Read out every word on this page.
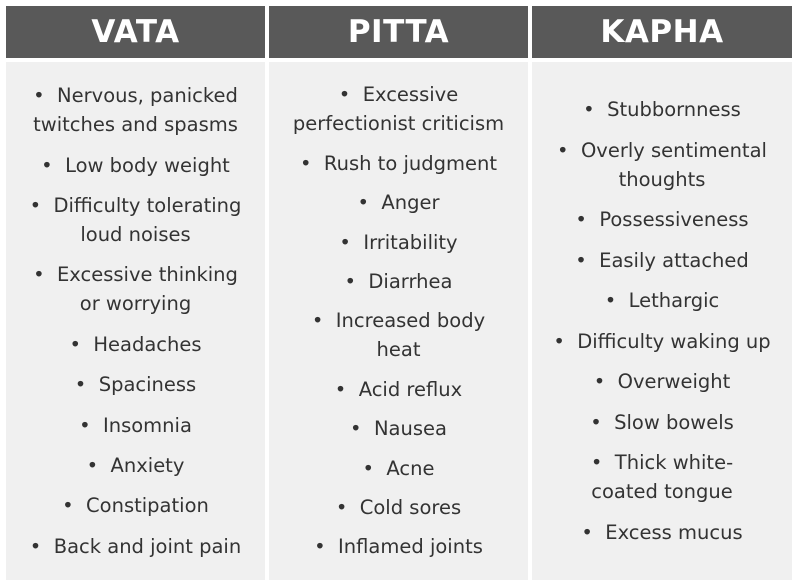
VATA	PITTA	KAPHA
•  Nervous, panicked twitches and spasms
•  Low body weight
•  Difficulty tolerating loud noises
•  Excessive thinking or worrying
•  Headaches
•  Spaciness
•  Insomnia
•  Anxiety
•  Constipation
•  Back and joint pain
•  Excessive perfectionist criticism
•  Rush to judgment
•  Anger
•  Irritability
•  Diarrhea
•  Increased body heat
•  Acid reflux
•  Nausea
•  Acne
•  Cold sores
•  Inflamed joints
•  Stubbornness
•  Overly sentimental thoughts
•  Possessiveness
•  Easily attached
•  Lethargic
•  Difficulty waking up
•  Overweight
•  Slow bowels
•  Thick white-coated tongue
•  Excess mucus
